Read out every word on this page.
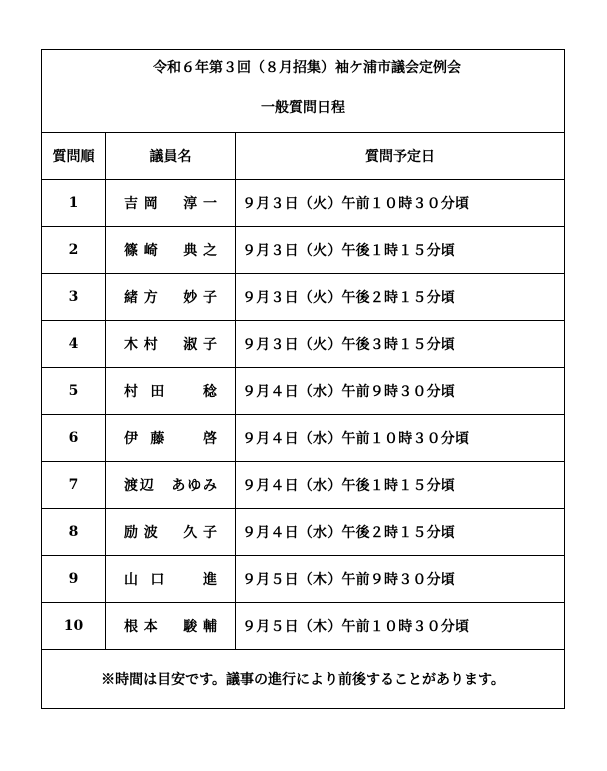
令和６年第３回（８月招集）袖ケ浦市議会定例会
一般質問日程		

質問順	議員名	質問予定日
1	吉岡　淳一	９月３日（火）午前１０時３０分頃
2	篠崎　典之	９月３日（火）午後１時１５分頃
3	緒方　妙子	９月３日（火）午後２時１５分頃
4	木村　淑子	９月３日（火）午後３時１５分頃
5	村田　稔	９月４日（水）午前９時３０分頃
6	伊藤　啓	９月４日（水）午前１０時３０分頃
7	渡辺　あゆみ	９月４日（水）午後１時１５分頃
8	励波　久子	９月４日（水）午後２時１５分頃
9	山口　進	９月５日（木）午前９時３０分頃
10	根本　駿輔	９月５日（木）午前１０時３０分頃
※時間は目安です。議事の進行により前後することがあります。		
